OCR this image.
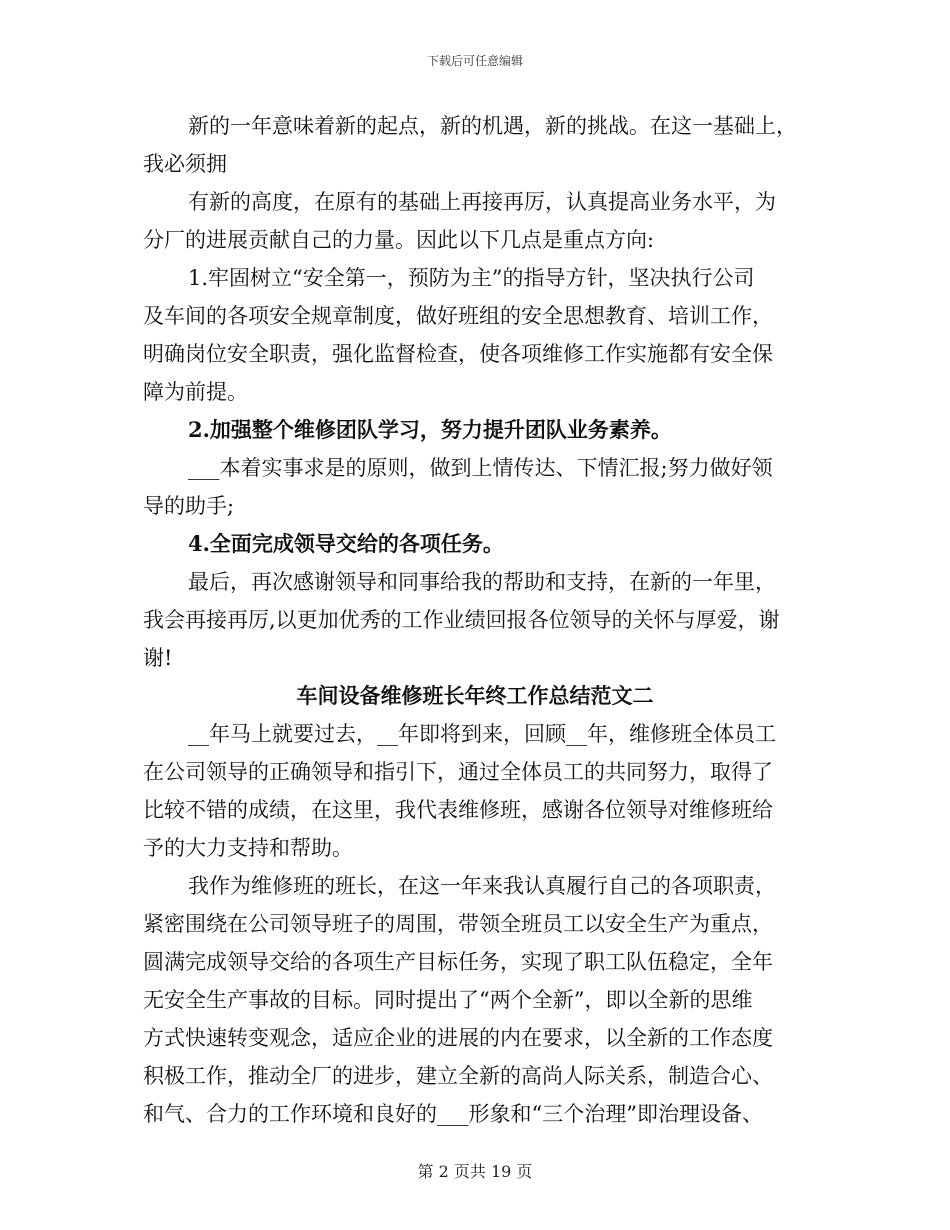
下载后可任意编辑
新的一年意味着新的起点，新的机遇，新的挑战。在这一基础上，
我必须拥
有新的高度，在原有的基础上再接再厉，认真提高业务水平，为
分厂的进展贡献自己的力量。因此以下几点是重点方向:
1.牢固树立“安全第一，预防为主”的指导方针，坚决执行公司
及车间的各项安全规章制度，做好班组的安全思想教育、培训工作，
明确岗位安全职责，强化监督检查，使各项维修工作实施都有安全保
障为前提。
2.加强整个维修团队学习，努力提升团队业务素养。
___本着实事求是的原则，做到上情传达、下情汇报;努力做好领
导的助手;
4.全面完成领导交给的各项任务。
最后，再次感谢领导和同事给我的帮助和支持，在新的一年里，
我会再接再厉,以更加优秀的工作业绩回报各位领导的关怀与厚爱，谢
谢!
车间设备维修班长年终工作总结范文二
__年马上就要过去，__年即将到来，回顾__年，维修班全体员工
在公司领导的正确领导和指引下，通过全体员工的共同努力，取得了
比较不错的成绩，在这里，我代表维修班，感谢各位领导对维修班给
予的大力支持和帮助。
我作为维修班的班长，在这一年来我认真履行自己的各项职责，
紧密围绕在公司领导班子的周围，带领全班员工以安全生产为重点，
圆满完成领导交给的各项生产目标任务，实现了职工队伍稳定，全年
无安全生产事故的目标。同时提出了“两个全新”，即以全新的思维
方式快速转变观念，适应企业的进展的内在要求，以全新的工作态度
积极工作，推动全厂的进步，建立全新的高尚人际关系，制造合心、
和气、合力的工作环境和良好的___形象和“三个治理”即治理设备、
第 2 页共 19 页
